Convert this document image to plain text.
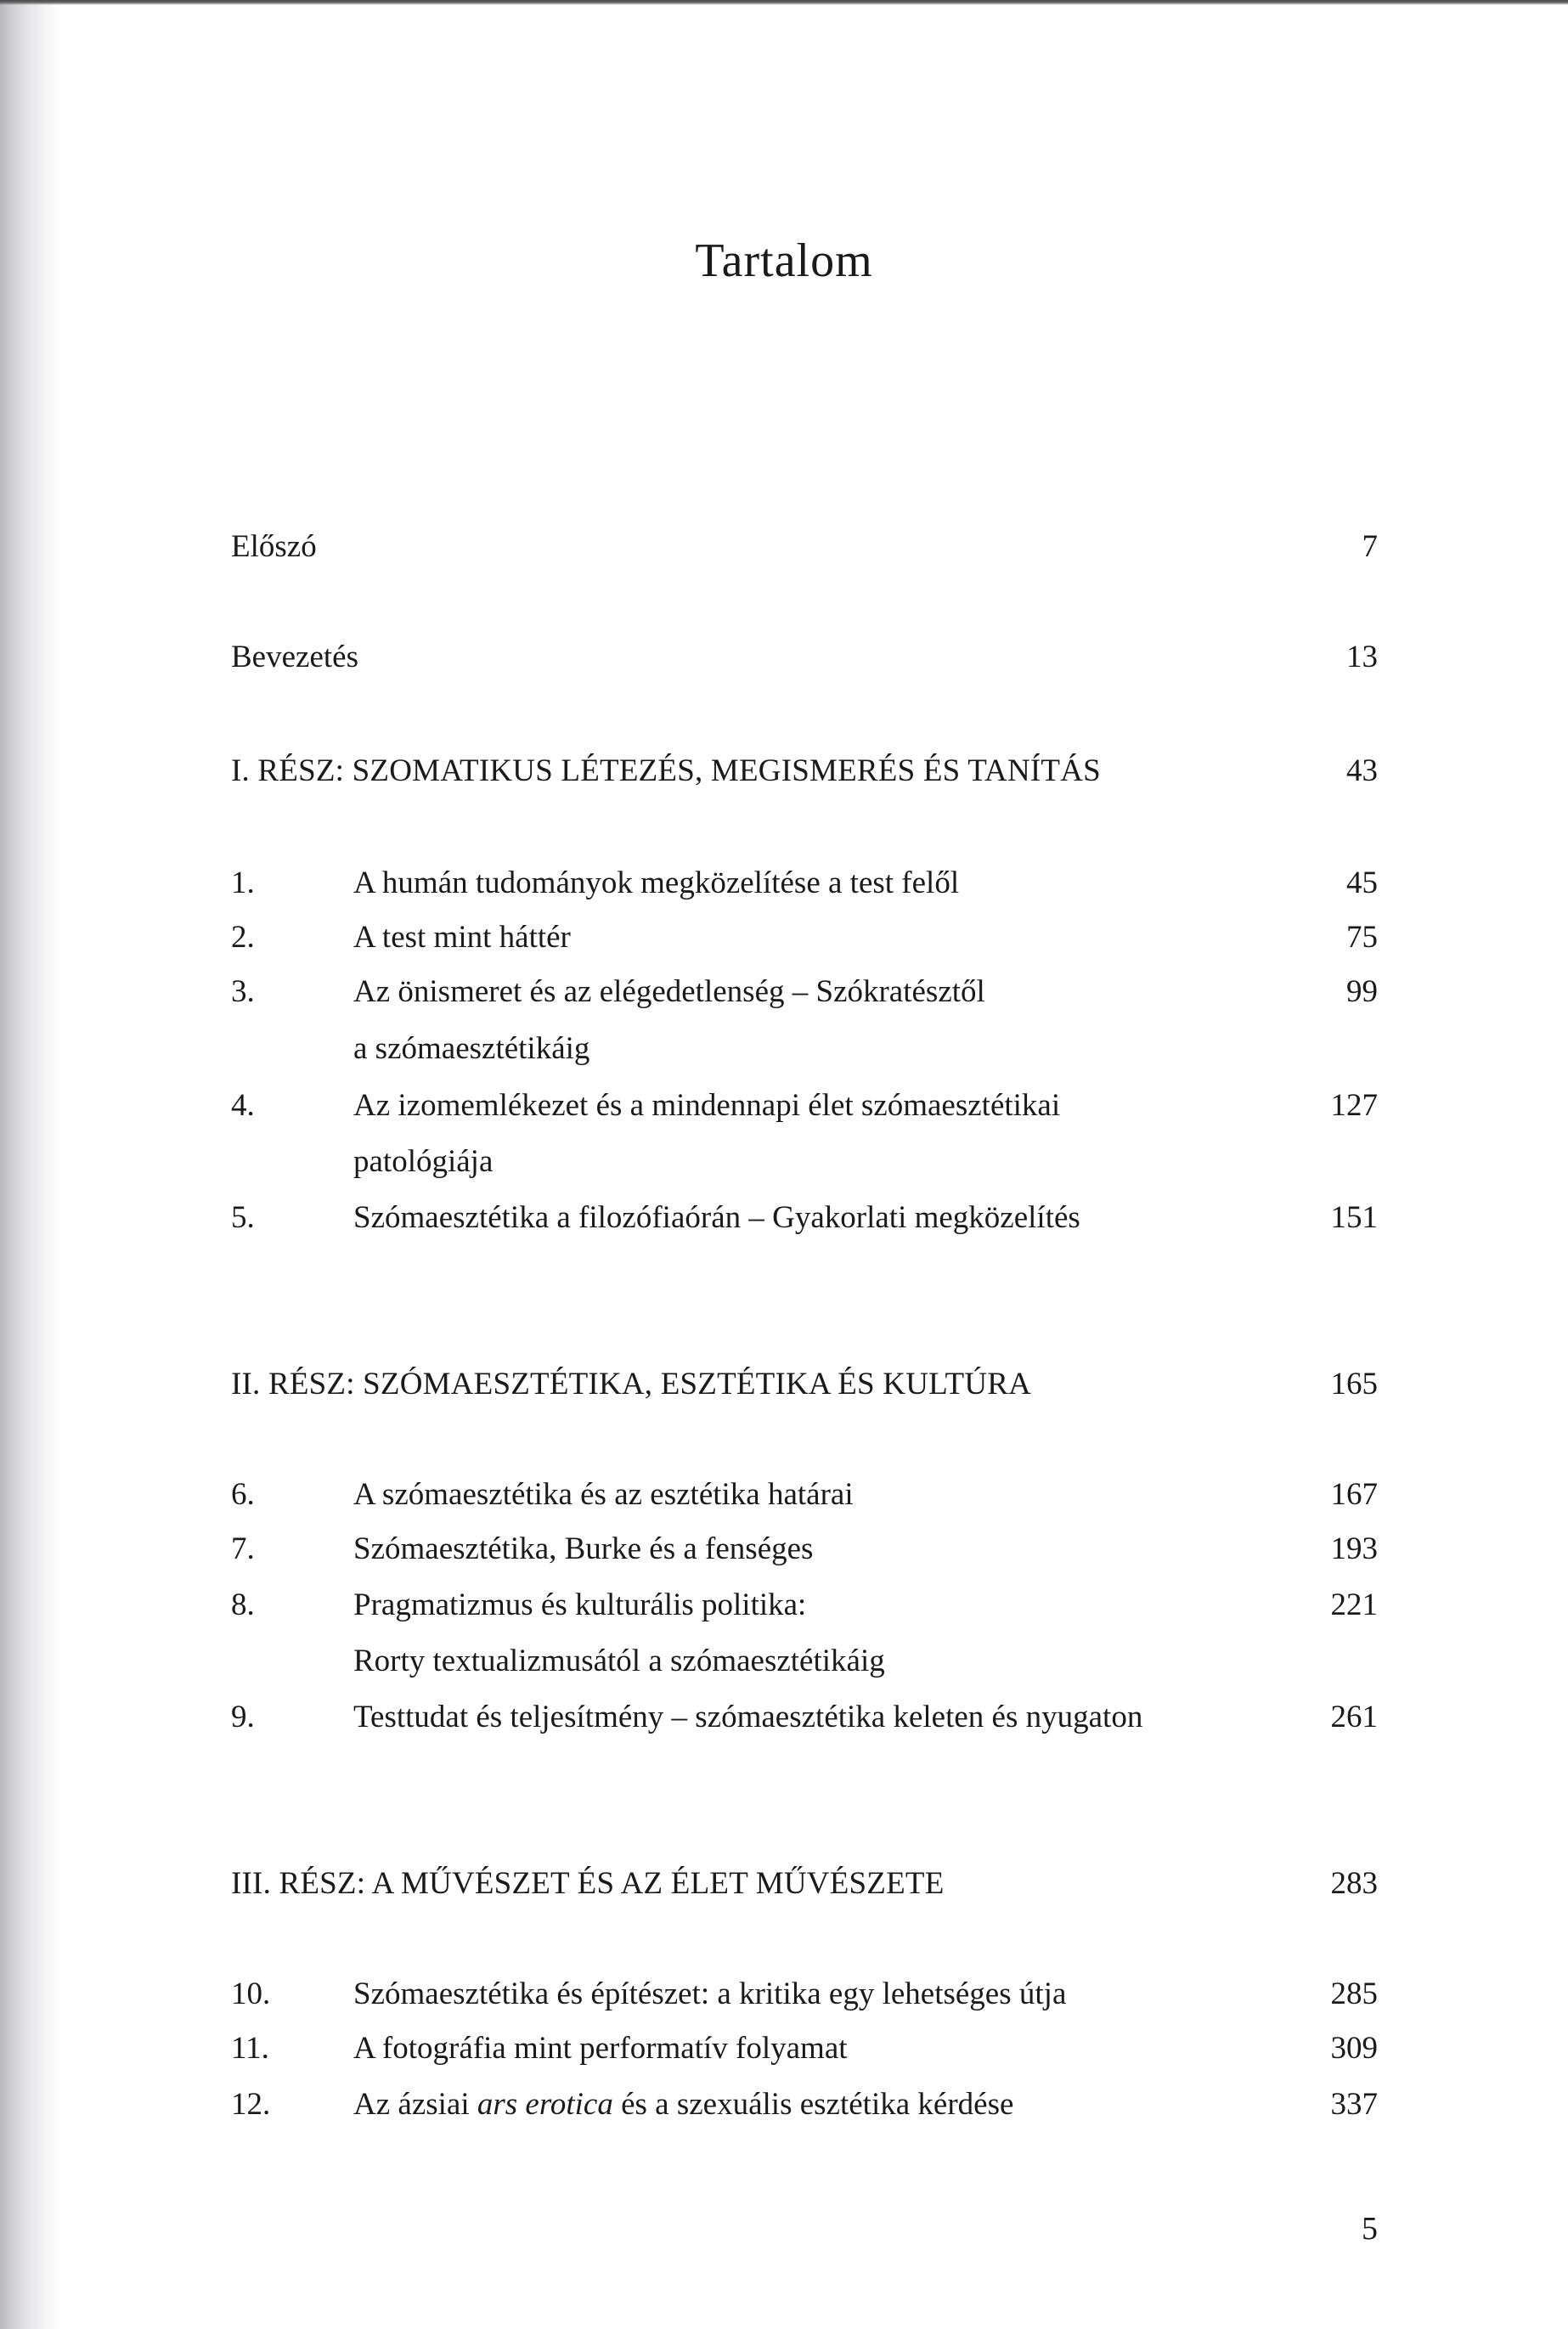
Tartalom
Előszó	7
Bevezetés	13
I. RÉSZ: SZOMATIKUS LÉTEZÉS, MEGISMERÉS ÉS TANÍTÁS	43
1.	A humán tudományok megközelítése a test felől	45
2.	A test mint háttér	75
3.	Az önismeret és az elégedetlenség – Szókratésztől	99
a szómaesztétikáig
4.	Az izomemlékezet és a mindennapi élet szómaesztétikai	127
patológiája
5.	Szómaesztétika a filozófiaórán – Gyakorlati megközelítés	151
II. RÉSZ: SZÓMAESZTÉTIKA, ESZTÉTIKA ÉS KULTÚRA	165
6.	A szómaesztétika és az esztétika határai	167
7.	Szómaesztétika, Burke és a fenséges	193
8.	Pragmatizmus és kulturális politika:	221
Rorty textualizmusától a szómaesztétikáig
9.	Testtudat és teljesítmény – szómaesztétika keleten és nyugaton	261
III. RÉSZ: A MŰVÉSZET ÉS AZ ÉLET MŰVÉSZETE	283
10.	Szómaesztétika és építészet: a kritika egy lehetséges útja	285
11.	A fotográfia mint performatív folyamat	309
12.	Az ázsiai ars erotica és a szexuális esztétika kérdése	337
5
